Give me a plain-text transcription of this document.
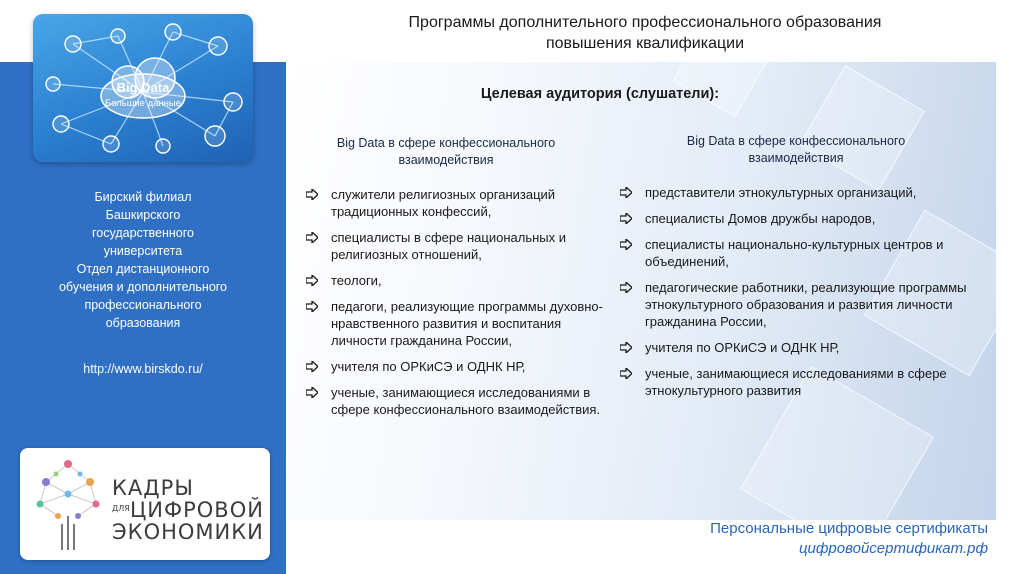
Big Data
Большие данные
Бирский филиал
Башкирского
государственного
университета
Отдел дистанционного
обучения и дополнительного
профессионального
образования
http://www.birskdo.ru/
КАДРЫ
ДЛЯ ЦИФРОВОЙ
ЭКОНОМИКИ
Программы дополнительного профессионального образования
повышения квалификации
Целевая аудитория (слушатели):
Big Data в сфере конфессионального
взаимодействия
Big Data в сфере конфессионального
взаимодействия
служители религиозных организаций традиционных конфессий,
специалисты в сфере национальных и религиозных отношений,
теологи,
педагоги, реализующие программы духовно-нравственного развития и воспитания личности гражданина России,
учителя по ОРКиСЭ и ОДНК НР,
ученые, занимающиеся исследованиями в сфере конфессионального взаимодействия.
представители этнокультурных организаций,
специалисты Домов дружбы народов,
специалисты национально-культурных центров и объединений,
педагогические работники, реализующие программы этнокультурного образования и развития личности гражданина России,
учителя по ОРКиСЭ и ОДНК НР,
ученые, занимающиеся исследованиями в сфере этнокультурного развития
Персональные цифровые сертификаты
цифровойсертификат.рф
